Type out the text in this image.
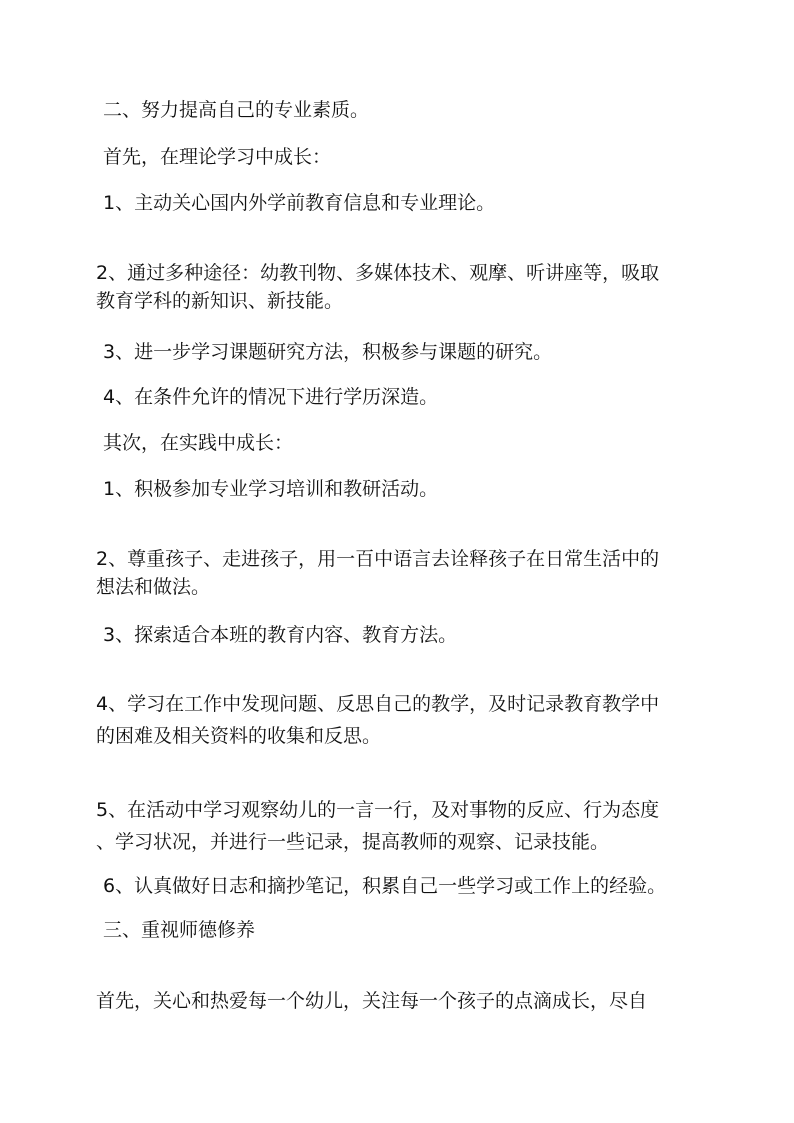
二、努力提高自己的专业素质。

首先，在理论学习中成长：

1、主动关心国内外学前教育信息和专业理论。

2、通过多种途径：幼教刊物、多媒体技术、观摩、听讲座等，吸取
教育学科的新知识、新技能。

3、进一步学习课题研究方法，积极参与课题的研究。

4、在条件允许的情况下进行学历深造。

其次，在实践中成长：

1、积极参加专业学习培训和教研活动。

2、尊重孩子、走进孩子，用一百中语言去诠释孩子在日常生活中的
想法和做法。

3、探索适合本班的教育内容、教育方法。

4、学习在工作中发现问题、反思自己的教学，及时记录教育教学中
的困难及相关资料的收集和反思。

5、在活动中学习观察幼儿的一言一行，及对事物的反应、行为态度
、学习状况，并进行一些记录，提高教师的观察、记录技能。

6、认真做好日志和摘抄笔记，积累自己一些学习或工作上的经验。

三、重视师德修养

首先，关心和热爱每一个幼儿，关注每一个孩子的点滴成长，尽自
